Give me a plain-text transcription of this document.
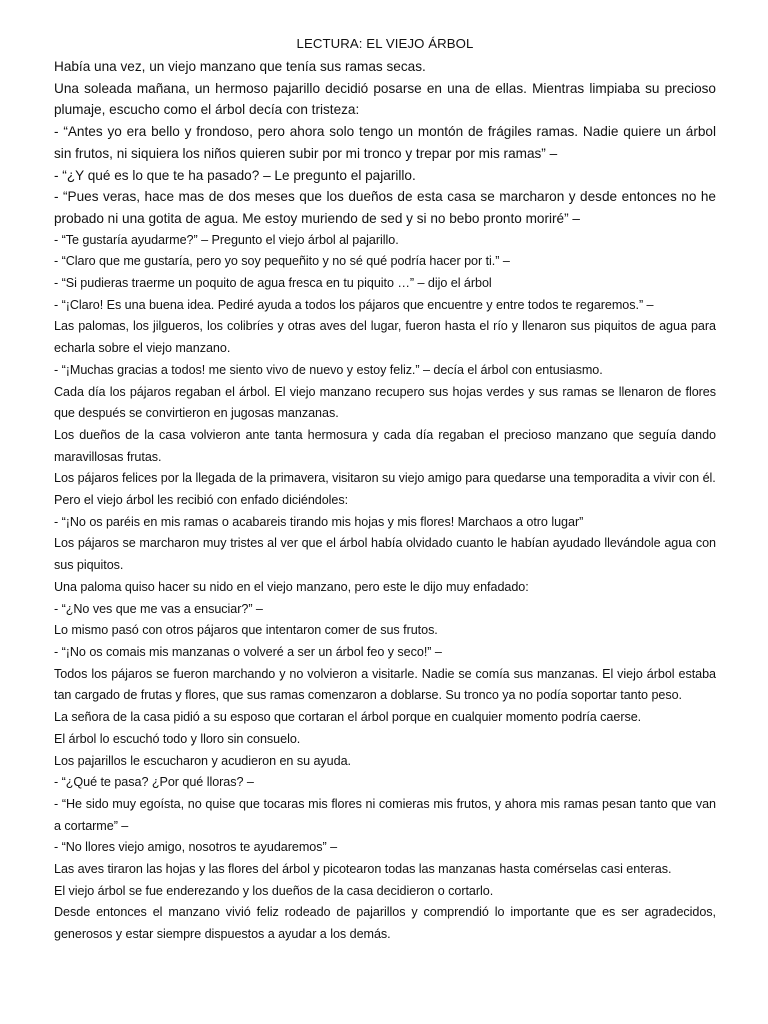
LECTURA: EL VIEJO ÁRBOL

Había una vez, un viejo manzano que tenía sus ramas secas.

Una soleada mañana, un hermoso pajarillo decidió posarse en una de ellas. Mientras limpiaba su precioso plumaje, escucho como el árbol decía con tristeza:

- “Antes yo era bello y frondoso, pero ahora solo tengo un montón de frágiles ramas. Nadie quiere un árbol sin frutos, ni siquiera los niños quieren subir por mi tronco y trepar por mis ramas” –

- “¿Y qué es lo que te ha pasado? – Le pregunto el pajarillo.

- “Pues veras, hace mas de dos meses que los dueños de esta casa se marcharon y desde entonces no he probado ni una gotita de agua. Me estoy muriendo de sed y si no bebo pronto moriré” –

- “Te gustaría ayudarme?” – Pregunto el viejo árbol al pajarillo.

- “Claro que me gustaría, pero yo soy pequeñito y no sé qué podría hacer por ti.” –

- “Si pudieras traerme un poquito de agua fresca en tu piquito …” – dijo el árbol

- “¡Claro! Es una buena idea. Pediré ayuda a todos los pájaros que encuentre y entre todos te regaremos.” –

Las palomas, los jilgueros, los colibríes y otras aves del lugar, fueron hasta el río y llenaron sus piquitos de agua para echarla sobre el viejo manzano.

- “¡Muchas gracias a todos! me siento vivo de nuevo y estoy feliz.” – decía el árbol con entusiasmo.

Cada día los pájaros regaban el árbol. El viejo manzano recupero sus hojas verdes y sus ramas se llenaron de flores que después se convirtieron en jugosas manzanas.

Los dueños de la casa volvieron ante tanta hermosura y cada día regaban el precioso manzano que seguía dando maravillosas frutas.

Los pájaros felices por la llegada de la primavera, visitaron su viejo amigo para quedarse una temporadita a vivir con él.

Pero el viejo árbol les recibió con enfado diciéndoles:

- “¡No os paréis en mis ramas o acabareis tirando mis hojas y mis flores! Marchaos a otro lugar”

Los pájaros se marcharon muy tristes al ver que el árbol había olvidado cuanto le habían ayudado llevándole agua con sus piquitos.

Una paloma quiso hacer su nido en el viejo manzano, pero este le dijo muy enfadado:

- “¿No ves que me vas a ensuciar?” –

Lo mismo pasó con otros pájaros que intentaron comer de sus frutos.

- “¡No os comais mis manzanas o volveré a ser un árbol feo y seco!” –

Todos los pájaros se fueron marchando y no volvieron a visitarle. Nadie se comía sus manzanas. El viejo árbol estaba tan cargado de frutas y flores, que sus ramas comenzaron a doblarse. Su tronco ya no podía soportar tanto peso.

La señora de la casa pidió a su esposo que cortaran el árbol porque en cualquier momento podría caerse.

El árbol lo escuchó todo y lloro sin consuelo.

Los pajarillos le escucharon y acudieron en su ayuda.

- “¿Qué te pasa? ¿Por qué lloras? –

- “He sido muy egoísta, no quise que tocaras mis flores ni comieras mis frutos, y ahora mis ramas pesan tanto que van a cortarme” –

- “No llores viejo amigo, nosotros te ayudaremos” –

Las aves tiraron las hojas y las flores del árbol y picotearon todas las manzanas hasta comérselas casi enteras.

El viejo árbol se fue enderezando y los dueños de la casa decidieron o cortarlo.

Desde entonces el manzano vivió feliz rodeado de pajarillos y comprendió lo importante que es ser agradecidos, generosos y estar siempre dispuestos a ayudar a los demás.
